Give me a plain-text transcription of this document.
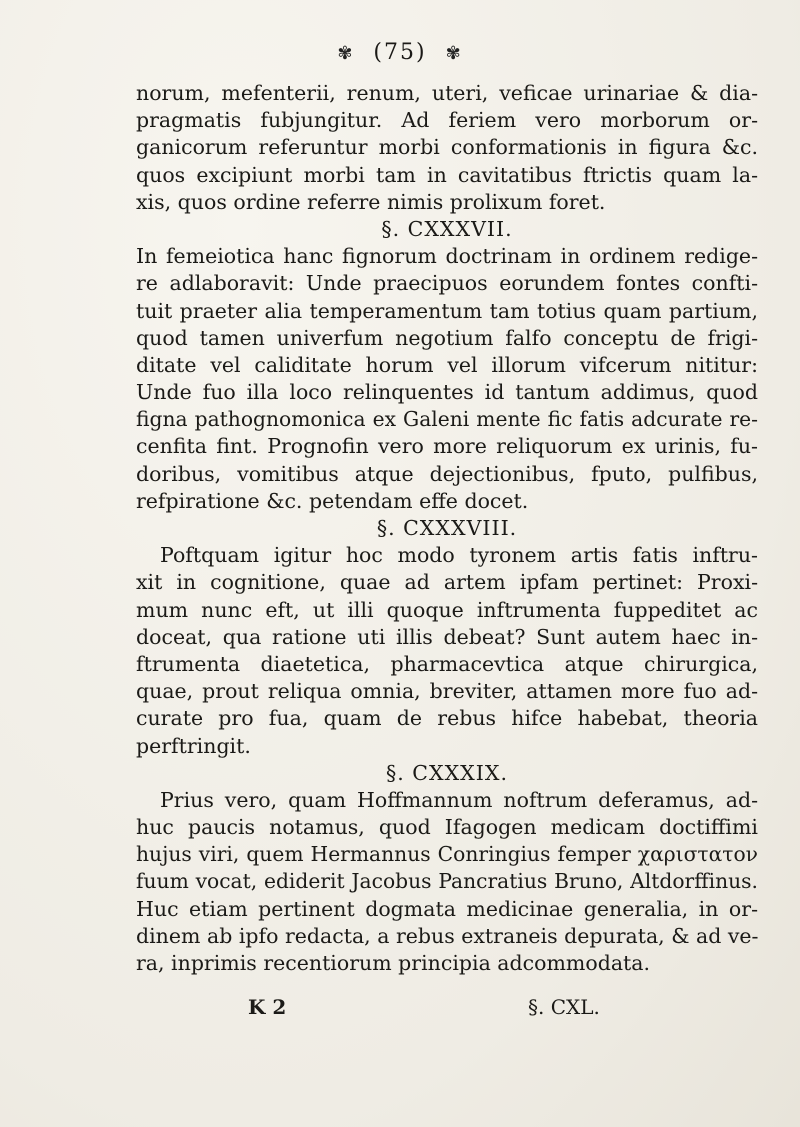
✾ (75) ✾
norum, mefenterii, renum, uteri, veficae urinariae & dia-
pragmatis fubjungitur. Ad feriem vero morborum or-
ganicorum referuntur morbi conformationis in figura &c.
quos excipiunt morbi tam in cavitatibus ftrictis quam la-
xis, quos ordine referre nimis prolixum foret.
§. CXXXVII.
In femeiotica hanc fignorum doctrinam in ordinem redige-
re adlaboravit: Unde praecipuos eorundem fontes confti-
tuit praeter alia temperamentum tam totius quam partium,
quod tamen univerfum negotium falfo conceptu de frigi-
ditate vel caliditate horum vel illorum vifcerum nititur:
Unde fuo illa loco relinquentes id tantum addimus, quod
figna pathognomonica ex Galeni mente fic fatis adcurate re-
cenfita fint. Prognofin vero more reliquorum ex urinis, fu-
doribus, vomitibus atque dejectionibus, fputo, pulfibus,
refpiratione &c. petendam effe docet.
§. CXXXVIII.
Poftquam igitur hoc modo tyronem artis fatis inftru-
xit in cognitione, quae ad artem ipfam pertinet: Proxi-
mum nunc eft, ut illi quoque inftrumenta fuppeditet ac
doceat, qua ratione uti illis debeat? Sunt autem haec in-
ftrumenta diaetetica, pharmacevtica atque chirurgica,
quae, prout reliqua omnia, breviter, attamen more fuo ad-
curate pro fua, quam de rebus hifce habebat, theoria
perftringit.
§. CXXXIX.
Prius vero, quam Hoffmannum noftrum deferamus, ad-
huc paucis notamus, quod Ifagogen medicam doctiffimi
hujus viri, quem Hermannus Conringius femper χαριστατον
fuum vocat, ediderit Jacobus Pancratius Bruno, Altdorffinus.
Huc etiam pertinent dogmata medicinae generalia, in or-
dinem ab ipfo redacta, a rebus extraneis depurata, & ad ve-
ra, inprimis recentiorum principia adcommodata.
K 2	§. CXL.
